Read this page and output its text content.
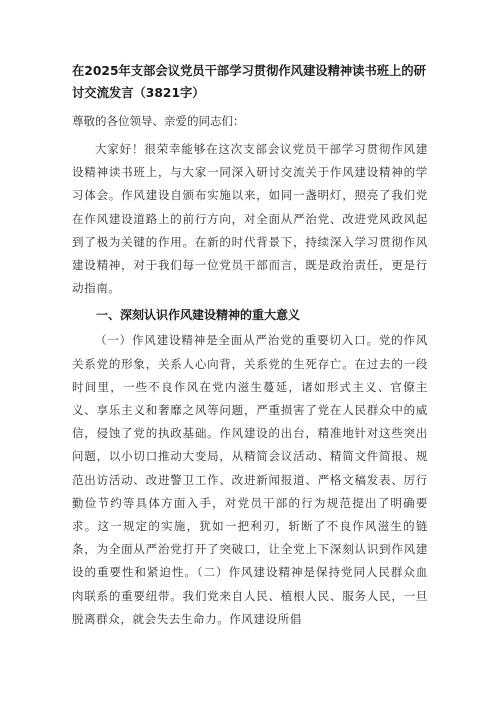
在2025年支部会议党员干部学习贯彻作风建设精神读书班上的研讨交流发言（3821字）

尊敬的各位领导、亲爱的同志们：

大家好！很荣幸能够在这次支部会议党员干部学习贯彻作风建设精神读书班上，与大家一同深入研讨交流关于作风建设精神的学习体会。作风建设自颁布实施以来，如同一盏明灯，照亮了我们党在作风建设道路上的前行方向，对全面从严治党、改进党风政风起到了极为关键的作用。在新的时代背景下，持续深入学习贯彻作风建设精神，对于我们每一位党员干部而言，既是政治责任，更是行动指南。

一、深刻认识作风建设精神的重大意义

（一）作风建设精神是全面从严治党的重要切入口。党的作风关系党的形象，关系人心向背，关系党的生死存亡。在过去的一段时间里，一些不良作风在党内滋生蔓延，诸如形式主义、官僚主义、享乐主义和奢靡之风等问题，严重损害了党在人民群众中的威信，侵蚀了党的执政基础。作风建设的出台，精准地针对这些突出问题，以小切口推动大变局，从精简会议活动、精简文件简报、规范出访活动、改进警卫工作、改进新闻报道、严格文稿发表、厉行勤俭节约等具体方面入手，对党员干部的行为规范提出了明确要求。这一规定的实施，犹如一把利刃，斩断了不良作风滋生的链条，为全面从严治党打开了突破口，让全党上下深刻认识到作风建设的重要性和紧迫性。（二）作风建设精神是保持党同人民群众血肉联系的重要纽带。我们党来自人民、植根人民、服务人民，一旦脱离群众，就会失去生命力。作风建设所倡
